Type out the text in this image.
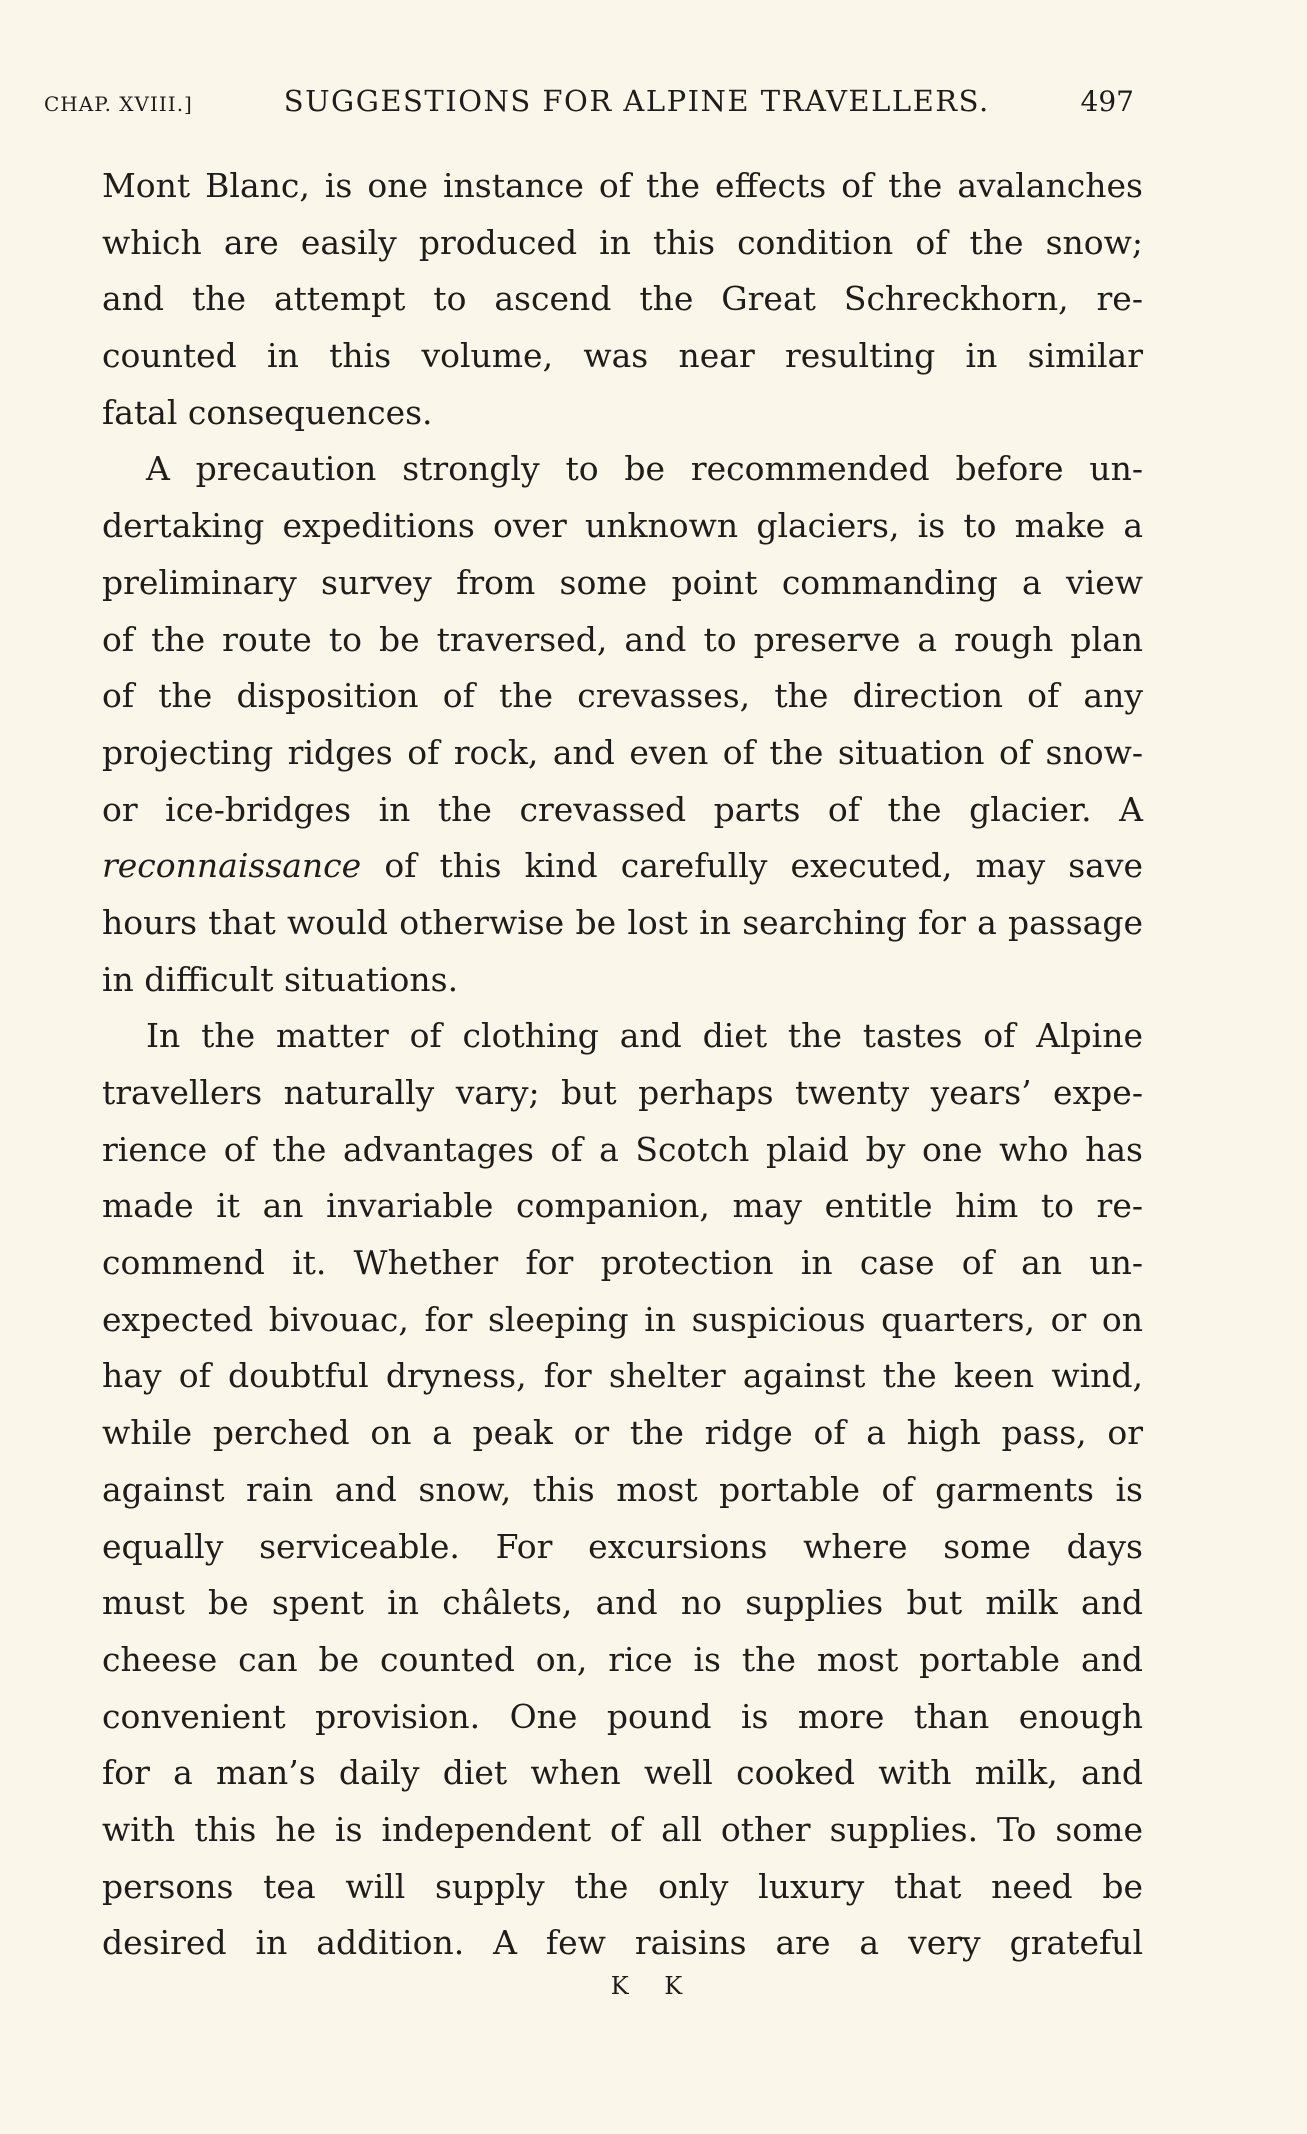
CHAP. XVIII.]	SUGGESTIONS FOR ALPINE TRAVELLERS.	497
Mont Blanc, is one instance of the effects of the avalanches
which are easily produced in this condition of the snow;
and the attempt to ascend the Great Schreckhorn, re-
counted in this volume, was near resulting in similar
fatal consequences.
A precaution strongly to be recommended before un-
dertaking expeditions over unknown glaciers, is to make a
preliminary survey from some point commanding a view
of the route to be traversed, and to preserve a rough plan
of the disposition of the crevasses, the direction of any
projecting ridges of rock, and even of the situation of snow-
or ice-bridges in the crevassed parts of the glacier. A
reconnaissance of this kind carefully executed, may save
hours that would otherwise be lost in searching for a passage
in difficult situations.
In the matter of clothing and diet the tastes of Alpine
travellers naturally vary; but perhaps twenty years’ expe-
rience of the advantages of a Scotch plaid by one who has
made it an invariable companion, may entitle him to re-
commend it. Whether for protection in case of an un-
expected bivouac, for sleeping in suspicious quarters, or on
hay of doubtful dryness, for shelter against the keen wind,
while perched on a peak or the ridge of a high pass, or
against rain and snow, this most portable of garments is
equally serviceable. For excursions where some days
must be spent in châlets, and no supplies but milk and
cheese can be counted on, rice is the most portable and
convenient provision. One pound is more than enough
for a man’s daily diet when well cooked with milk, and
with this he is independent of all other supplies. To some
persons tea will supply the only luxury that need be
desired in addition. A few raisins are a very grateful
K K
